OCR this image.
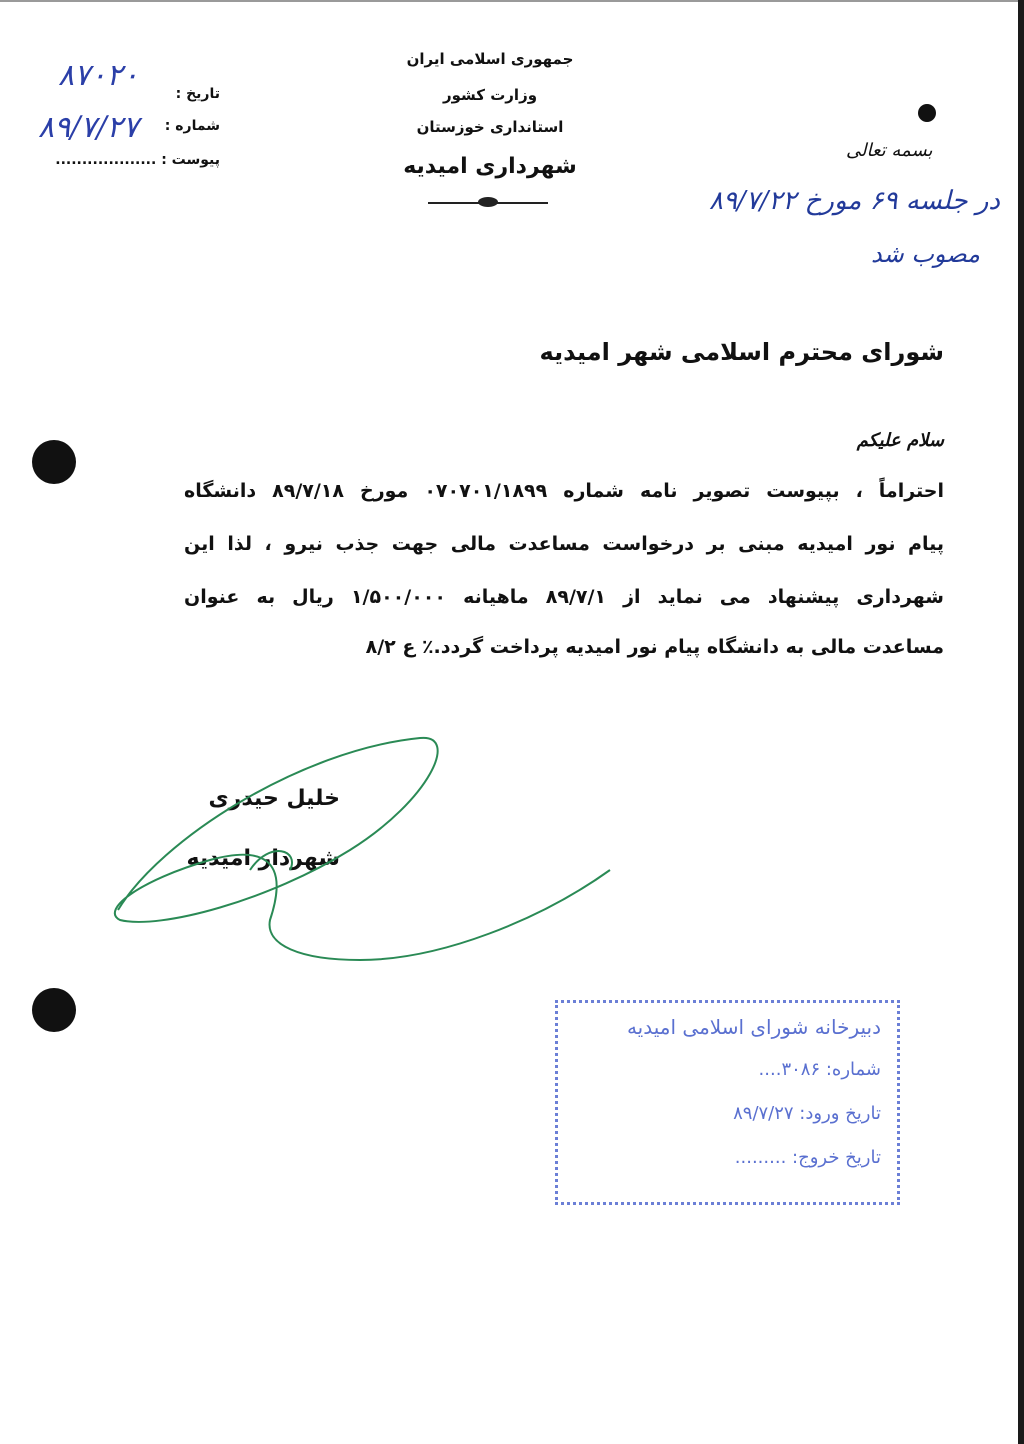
جمهوری اسلامی ایران
وزارت کشور
استانداری خوزستان
شهرداری امیدیه
تاریخ :
شماره :
پیوست : ...................
۸۷۰۲۰
۸۹/۷/۲۷
بسمه تعالی
در جلسه ۶۹ مورخ ۸۹/۷/۲۲
مصوب شد
شورای محترم اسلامی شهر امیدیه
سلام علیکم
احتراماً ، بپیوست تصویر نامه شماره ۰۷۰۷۰۱/۱۸۹۹ مورخ ۸۹/۷/۱۸ دانشگاه
پیام نور امیدیه مبنی بر درخواست مساعدت مالی جهت جذب نیرو ، لذا این
شهرداری پیشنهاد می نماید از ۸۹/۷/۱ ماهیانه ۱/۵۰۰/۰۰۰ ریال به عنوان
مساعدت مالی به دانشگاه پیام نور امیدیه پرداخت گردد.٪ ع ۸/۲
خلیل حیدری
شهردار امیدیه
دبیرخانه شورای اسلامی امیدیه
شماره: ۳۰۸۶....
تاریخ ورود: ۸۹/۷/۲۷
تاریخ خروج: .........
